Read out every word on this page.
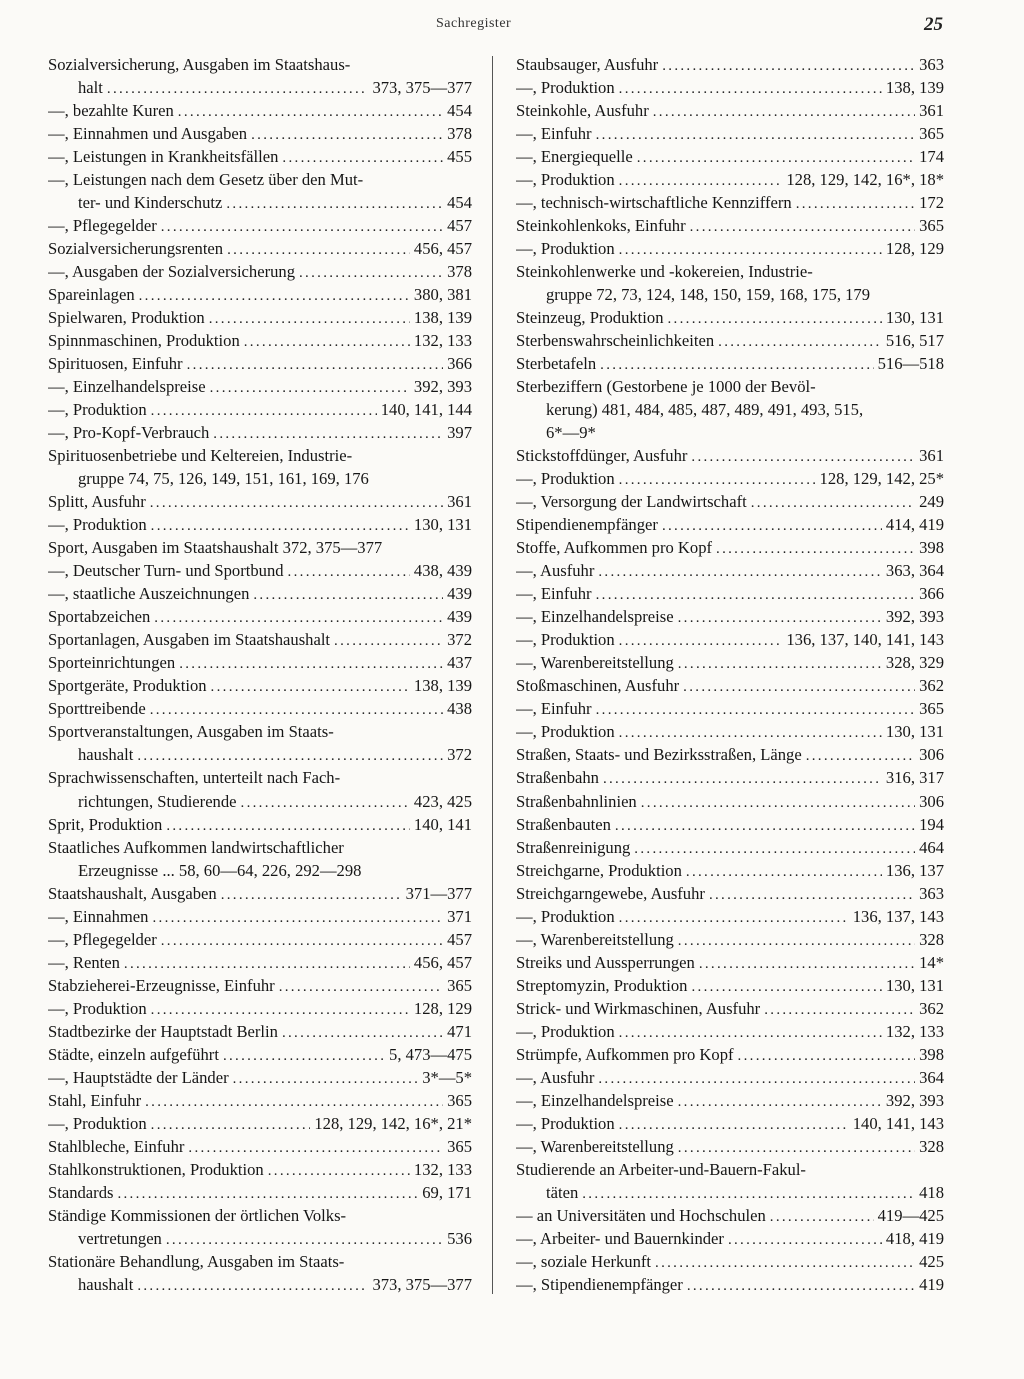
Sachregister	25
Sozialversicherung, Ausgaben im Staatshaus-
halt .....	373, 375—377
—, bezahlte Kuren .....	454
—, Einnahmen und Ausgaben .....	378
—, Leistungen in Krankheitsfällen .....	455
—, Leistungen nach dem Gesetz über den Mut-
ter- und Kinderschutz .....	454
—, Pflegegelder .....	457
Sozialversicherungsrenten .....	456, 457
—, Ausgaben der Sozialversicherung .....	378
Spareinlagen .....	380, 381
Spielwaren, Produktion .....	138, 139
Spinnmaschinen, Produktion .....	132, 133
Spirituosen, Einfuhr .....	366
—, Einzelhandelspreise .....	392, 393
—, Produktion .....	140, 141, 144
—, Pro-Kopf-Verbrauch .....	397
Spirituosenbetriebe und Keltereien, Industrie-
gruppe 74, 75, 126, 149, 151, 161, 169, 176
Splitt, Ausfuhr .....	361
—, Produktion .....	130, 131
Sport, Ausgaben im Staatshaushalt 372, 375—377
—, Deutscher Turn- und Sportbund .....	438, 439
—, staatliche Auszeichnungen .....	439
Sportabzeichen .....	439
Sportanlagen, Ausgaben im Staatshaushalt .....	372
Sporteinrichtungen .....	437
Sportgeräte, Produktion .....	138, 139
Sporttreibende .....	438
Sportveranstaltungen, Ausgaben im Staats-
haushalt .....	372
Sprachwissenschaften, unterteilt nach Fach-
richtungen, Studierende .....	423, 425
Sprit, Produktion .....	140, 141
Staatliches Aufkommen landwirtschaftlicher
Erzeugnisse ... 58, 60—64, 226, 292—298
Staatshaushalt, Ausgaben .....	371—377
—, Einnahmen .....	371
—, Pflegegelder .....	457
—, Renten .....	456, 457
Stabzieherei-Erzeugnisse, Einfuhr .....	365
—, Produktion .....	128, 129
Stadtbezirke der Hauptstadt Berlin .....	471
Städte, einzeln aufgeführt .....	5, 473—475
—, Hauptstädte der Länder .....	3*—5*
Stahl, Einfuhr .....	365
—, Produktion .....	128, 129, 142, 16*, 21*
Stahlbleche, Einfuhr .....	365
Stahlkonstruktionen, Produktion .....	132, 133
Standards .....	69, 171
Ständige Kommissionen der örtlichen Volks-
vertretungen .....	536
Stationäre Behandlung, Ausgaben im Staats-
haushalt .....	373, 375—377
Staubsauger, Ausfuhr .....	363
—, Produktion .....	138, 139
Steinkohle, Ausfuhr .....	361
—, Einfuhr .....	365
—, Energiequelle .....	174
—, Produktion .....	128, 129, 142, 16*, 18*
—, technisch-wirtschaftliche Kennziffern .....	172
Steinkohlenkoks, Einfuhr .....	365
—, Produktion .....	128, 129
Steinkohlenwerke und -kokereien, Industrie-
gruppe 72, 73, 124, 148, 150, 159, 168, 175, 179
Steinzeug, Produktion .....	130, 131
Sterbenswahrscheinlichkeiten .....	516, 517
Sterbetafeln .....	516—518
Sterbeziffern (Gestorbene je 1000 der Bevöl-
kerung) 481, 484, 485, 487, 489, 491, 493, 515,
6*—9*
Stickstoffdünger, Ausfuhr .....	361
—, Produktion .....	128, 129, 142, 25*
—, Versorgung der Landwirtschaft .....	249
Stipendienempfänger .....	414, 419
Stoffe, Aufkommen pro Kopf .....	398
—, Ausfuhr .....	363, 364
—, Einfuhr .....	366
—, Einzelhandelspreise .....	392, 393
—, Produktion .....	136, 137, 140, 141, 143
—, Warenbereitstellung .....	328, 329
Stoßmaschinen, Ausfuhr .....	362
—, Einfuhr .....	365
—, Produktion .....	130, 131
Straßen, Staats- und Bezirksstraßen, Länge .....	306
Straßenbahn .....	316, 317
Straßenbahnlinien .....	306
Straßenbauten .....	194
Straßenreinigung .....	464
Streichgarne, Produktion .....	136, 137
Streichgarngewebe, Ausfuhr .....	363
—, Produktion .....	136, 137, 143
—, Warenbereitstellung .....	328
Streiks und Aussperrungen .....	14*
Streptomyzin, Produktion .....	130, 131
Strick- und Wirkmaschinen, Ausfuhr .....	362
—, Produktion .....	132, 133
Strümpfe, Aufkommen pro Kopf .....	398
—, Ausfuhr .....	364
—, Einzelhandelspreise .....	392, 393
—, Produktion .....	140, 141, 143
—, Warenbereitstellung .....	328
Studierende an Arbeiter-und-Bauern-Fakul-
täten .....	418
— an Universitäten und Hochschulen .....	419—425
—, Arbeiter- und Bauernkinder .....	418, 419
—, soziale Herkunft .....	425
—, Stipendienempfänger .....	419
